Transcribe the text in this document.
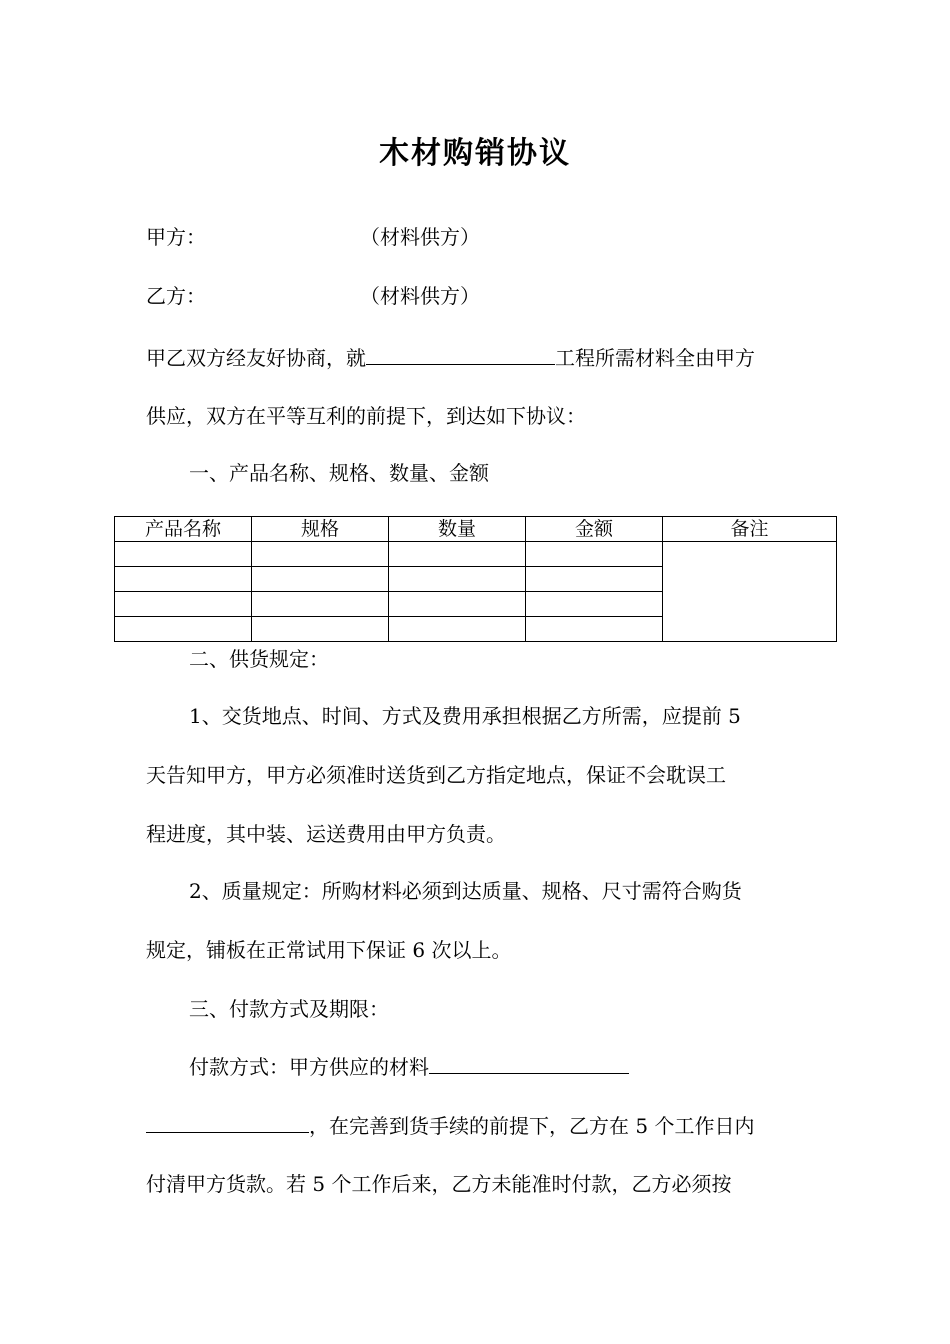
木材购销协议
甲方：	（材料供方）
乙方：	（材料供方）
甲乙双方经友好协商，就	工程所需材料全由甲方
供应，双方在平等互利的前提下，到达如下协议：
一、产品名称、规格、数量、金额
产品名称	规格	数量	金额	备注

二、供货规定：
1、交货地点、时间、方式及费用承担根据乙方所需，应提前 5
天告知甲方，甲方必须准时送货到乙方指定地点，保证不会耽误工
程进度，其中装、运送费用由甲方负责。
2、质量规定：所购材料必须到达质量、规格、尺寸需符合购货
规定，铺板在正常试用下保证 6 次以上。
三、付款方式及期限：
付款方式：甲方供应的材料
，在完善到货手续的前提下，乙方在 5 个工作日内
付清甲方货款。若 5 个工作后来，乙方未能准时付款，乙方必须按
